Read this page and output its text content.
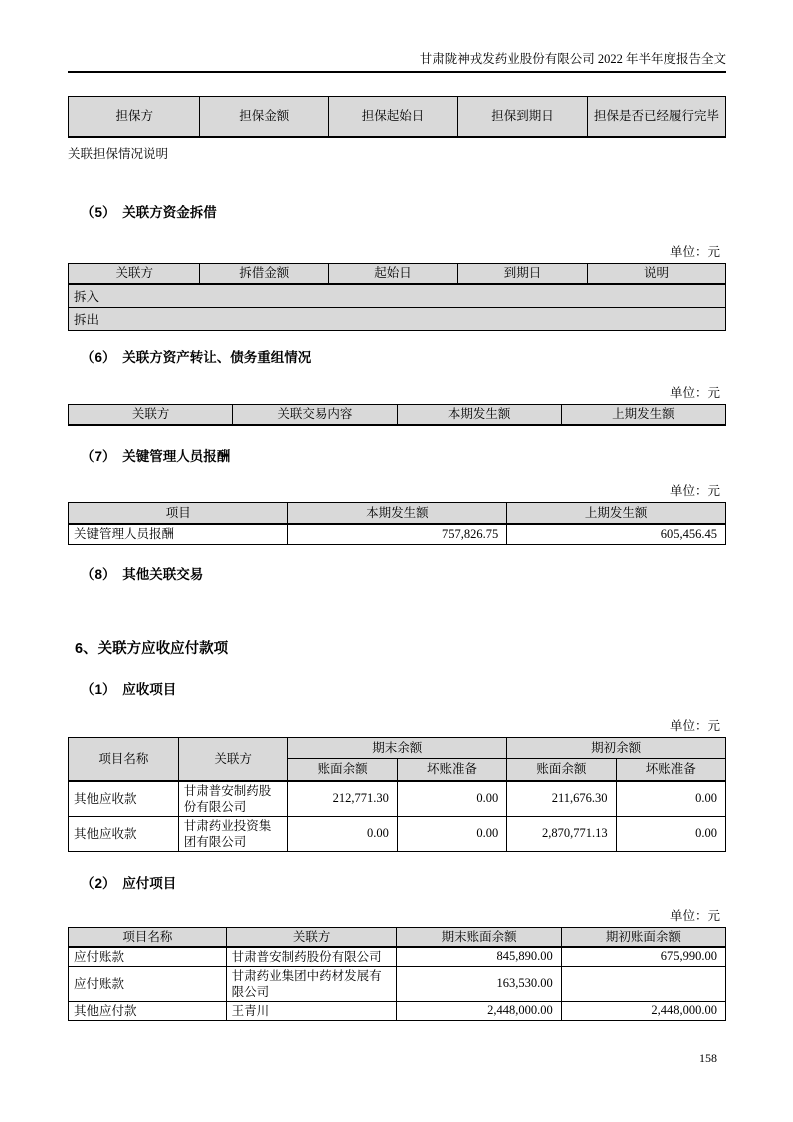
甘肃陇神戎发药业股份有限公司 2022 年半年度报告全文
担保方	担保金额	担保起始日	担保到期日	担保是否已经履行完毕
关联担保情况说明
（5）　关联方资金拆借
单位：元
关联方	拆借金额	起始日	到期日	说明
拆入
拆出
（6）　关联方资产转让、债务重组情况
单位：元
关联方	关联交易内容	本期发生额	上期发生额
（7）　关键管理人员报酬
单位：元
项目	本期发生额	上期发生额
关键管理人员报酬	757,826.75	605,456.45
（8）　其他关联交易
6、关联方应收应付款项
（1）　应收项目
单位：元
项目名称	关联方	期末余额		期初余额	
		账面余额	坏账准备	账面余额	坏账准备
其他应收款	甘肃普安制药股份有限公司	212,771.30	0.00	211,676.30	0.00
其他应收款	甘肃药业投资集团有限公司	0.00	0.00	2,870,771.13	0.00
（2）　应付项目
单位：元
项目名称	关联方	期末账面余额	期初账面余额
应付账款	甘肃普安制药股份有限公司	845,890.00	675,990.00
应付账款	甘肃药业集团中药材发展有限公司	163,530.00	
其他应付款	王青川	2,448,000.00	2,448,000.00
158
